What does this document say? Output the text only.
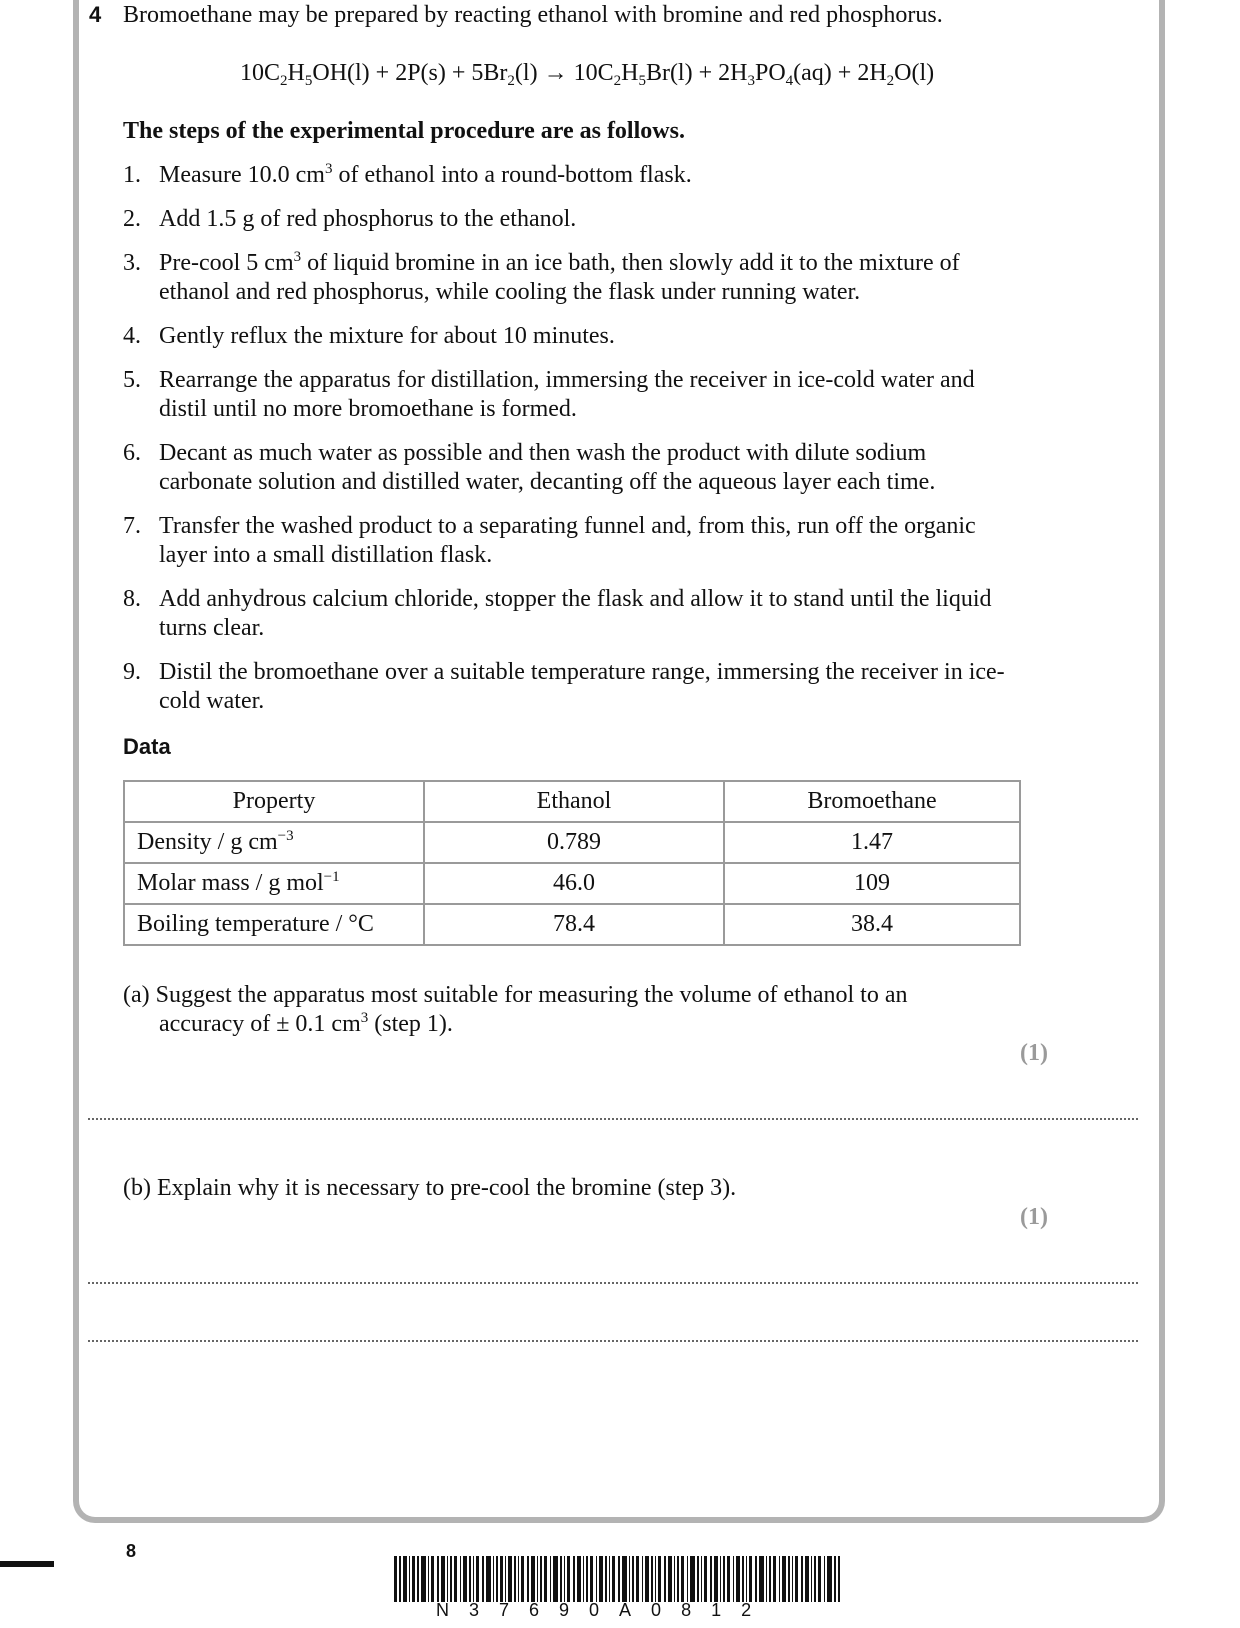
4 Bromoethane may be prepared by reacting ethanol with bromine and red phosphorus.
$10C_2H_5OH(l) + 2P(s) + 5Br_2(l) \to 10C_2H_5Br(l) + 2H_3PO_4(aq) + 2H_2O(l)$
The steps of the experimental procedure are as follows.
1. Measure 10.0 $cm^3$ of ethanol into a round-bottom flask.
2. Add 1.5 g of red phosphorus to the ethanol.
3. Pre-cool 5 $cm^3$ of liquid bromine in an ice bath, then slowly add it to the mixture of ethanol and red phosphorus, while cooling the flask under running water.
4. Gently reflux the mixture for about 10 minutes.
5. Rearrange the apparatus for distillation, immersing the receiver in ice-cold water and distil until no more bromoethane is formed.
6. Decant as much water as possible and then wash the product with dilute sodium carbonate solution and distilled water, decanting off the aqueous layer each time.
7. Transfer the washed product to a separating funnel and, from this, run off the organic layer into a small distillation flask.
8. Add anhydrous calcium chloride, stopper the flask and allow it to stand until the liquid turns clear.
9. Distil the bromoethane over a suitable temperature range, immersing the receiver in ice-cold water.
Data
Property	Ethanol	Bromoethane
Density / g $cm^{-3}$	0.789	1.47
Molar mass / g mol$^{-1}$	46.0	109
Boiling temperature / °C	78.4	38.4
(a) Suggest the apparatus most suitable for measuring the volume of ethanol to an
accuracy of ± 0.1 $cm^3$ (step 1).
(1)
(b) Explain why it is necessary to pre-cool the bromine (step 3).
(1)
8
N37690A0812
